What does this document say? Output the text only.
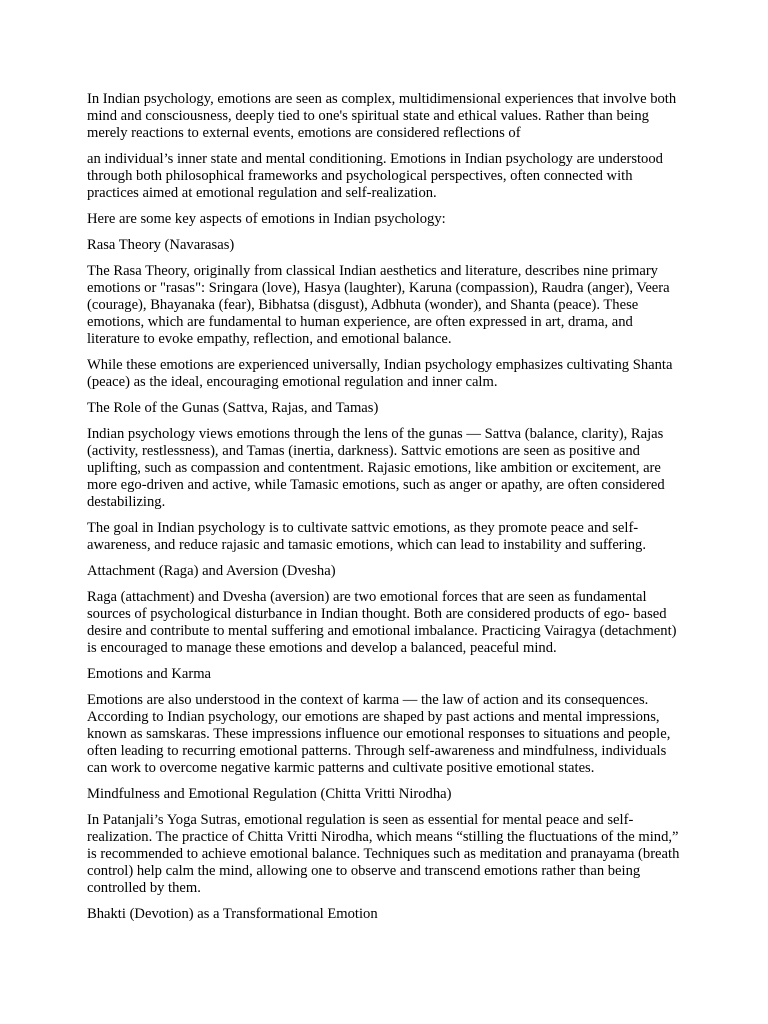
In Indian psychology, emotions are seen as complex, multidimensional experiences that involve both mind and consciousness, deeply tied to one's spiritual state and ethical values. Rather than being merely reactions to external events, emotions are considered reflections of

an individual’s inner state and mental conditioning. Emotions in Indian psychology are understood through both philosophical frameworks and psychological perspectives, often connected with practices aimed at emotional regulation and self-realization.

Here are some key aspects of emotions in Indian psychology:

Rasa Theory (Navarasas)

The Rasa Theory, originally from classical Indian aesthetics and literature, describes nine primary emotions or "rasas": Sringara (love), Hasya (laughter), Karuna (compassion), Raudra (anger), Veera (courage), Bhayanaka (fear), Bibhatsa (disgust), Adbhuta (wonder), and Shanta (peace). These emotions, which are fundamental to human experience, are often expressed in art, drama, and literature to evoke empathy, reflection, and emotional balance.

While these emotions are experienced universally, Indian psychology emphasizes cultivating Shanta (peace) as the ideal, encouraging emotional regulation and inner calm.

The Role of the Gunas (Sattva, Rajas, and Tamas)

Indian psychology views emotions through the lens of the gunas — Sattva (balance, clarity), Rajas (activity, restlessness), and Tamas (inertia, darkness). Sattvic emotions are seen as positive and uplifting, such as compassion and contentment. Rajasic emotions, like ambition or excitement, are more ego-driven and active, while Tamasic emotions, such as anger or apathy, are often considered destabilizing.

The goal in Indian psychology is to cultivate sattvic emotions, as they promote peace and self-awareness, and reduce rajasic and tamasic emotions, which can lead to instability and suffering.

Attachment (Raga) and Aversion (Dvesha)

Raga (attachment) and Dvesha (aversion) are two emotional forces that are seen as fundamental sources of psychological disturbance in Indian thought. Both are considered products of ego- based desire and contribute to mental suffering and emotional imbalance. Practicing Vairagya (detachment) is encouraged to manage these emotions and develop a balanced, peaceful mind.

Emotions and Karma

Emotions are also understood in the context of karma — the law of action and its consequences. According to Indian psychology, our emotions are shaped by past actions and mental impressions, known as samskaras. These impressions influence our emotional responses to situations and people, often leading to recurring emotional patterns. Through self-awareness and mindfulness, individuals can work to overcome negative karmic patterns and cultivate positive emotional states.

Mindfulness and Emotional Regulation (Chitta Vritti Nirodha)

In Patanjali’s Yoga Sutras, emotional regulation is seen as essential for mental peace and self-realization. The practice of Chitta Vritti Nirodha, which means “stilling the fluctuations of the mind,” is recommended to achieve emotional balance. Techniques such as meditation and pranayama (breath control) help calm the mind, allowing one to observe and transcend emotions rather than being controlled by them.

Bhakti (Devotion) as a Transformational Emotion
